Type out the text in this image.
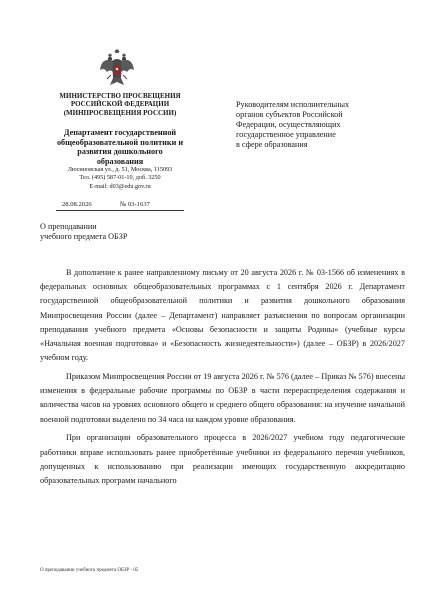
МИНИСТЕРСТВО ПРОСВЕЩЕНИЯ
РОССИЙСКОЙ ФЕДЕРАЦИИ
(МИНПРОСВЕЩЕНИЯ РОССИИ)
Департамент государственной
общеобразовательной политики и
развития дошкольного образования
Люсиновская ул., д. 51, Москва, 115093
Тел. (495) 587-01-10, доб. 3250
E-mail: d03@edu.gov.ru
28.08.2026	№ 03-1637
Руководителям исполнительных
органов субъектов Российской
Федерации, осуществляющих
государственное управление
в сфере образования
О преподавании
учебного предмета ОБЗР

В дополнение к ранее направленному письму от 20 августа 2026 г. № 03-1566 об изменениях в федеральных основных общеобразовательных программах с 1 сентября 2026 г. Департамент государственной общеобразовательной политики и развития дошкольного образования Минпросвещения России (далее – Департамент) направляет разъяснения по вопросам организации преподавания учебного предмета «Основы безопасности и защиты Родины» (учебные курсы «Начальная военная подготовка» и «Безопасность жизнедеятельности») (далее – ОБЗР) в 2026/2027 учебном году.

Приказом Минпросвещения России от 19 августа 2026 г. № 576 (далее – Приказ № 576) внесены изменения в федеральные рабочие программы по ОБЗР в части перераспределения содержания и количества часов на уровнях основного общего и среднего общего образования: на изучение начальной военной подготовки выделено по 34 часа на каждом уровне образования.

При организации образовательного процесса в 2026/2027 учебном году педагогические работники вправе использовать ранее приобретённые учебники из федерального перечня учебников, допущенных к использованию при реализации имеющих государственную аккредитацию образовательных программ начального

О преподавании учебного предмета ОБЗР - 05
